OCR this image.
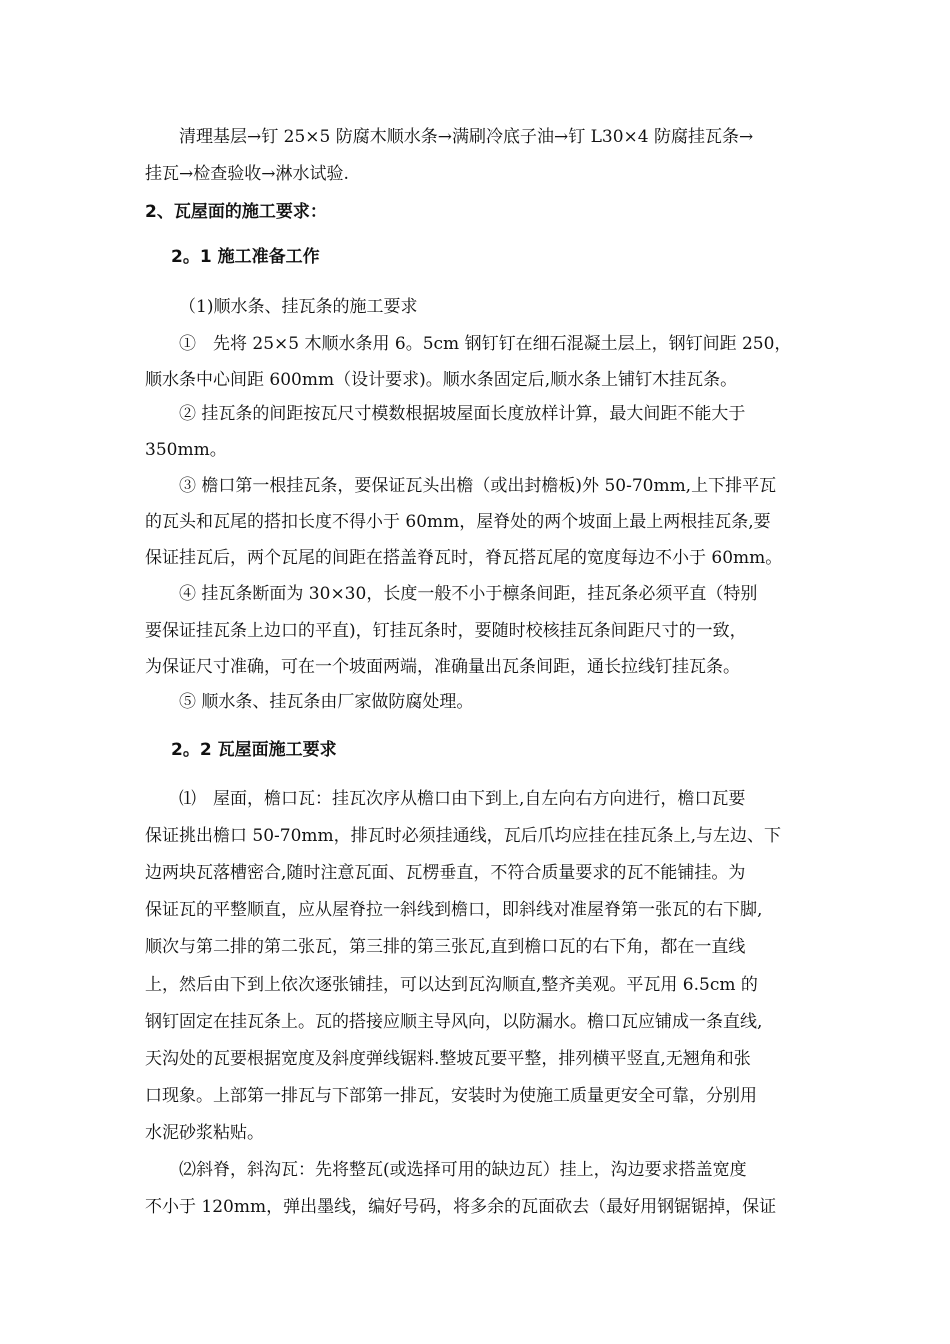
清理基层→钉 25×5 防腐木顺水条→满刷冷底子油→钉 L30×4 防腐挂瓦条→
挂瓦→检查验收→淋水试验.
2、瓦屋面的施工要求：
2。1 施工准备工作
（1)顺水条、挂瓦条的施工要求
①　先将 25×5 木顺水条用 6。5cm 钢钉钉在细石混凝土层上，钢钉间距 250，
顺水条中心间距 600mm（设计要求)。顺水条固定后,顺水条上铺钉木挂瓦条。
② 挂瓦条的间距按瓦尺寸模数根据坡屋面长度放样计算，最大间距不能大于
350mm。
③ 檐口第一根挂瓦条，要保证瓦头出檐（或出封檐板)外 50-70mm,上下排平瓦
的瓦头和瓦尾的搭扣长度不得小于 60mm，屋脊处的两个坡面上最上两根挂瓦条,要
保证挂瓦后，两个瓦尾的间距在搭盖脊瓦时，脊瓦搭瓦尾的宽度每边不小于 60mm。
④ 挂瓦条断面为 30×30，长度一般不小于檩条间距，挂瓦条必须平直（特别
要保证挂瓦条上边口的平直)，钉挂瓦条时，要随时校核挂瓦条间距尺寸的一致，
为保证尺寸准确，可在一个坡面两端，准确量出瓦条间距，通长拉线钉挂瓦条。
⑤ 顺水条、挂瓦条由厂家做防腐处理。
2。2 瓦屋面施工要求
⑴　屋面，檐口瓦：挂瓦次序从檐口由下到上,自左向右方向进行，檐口瓦要
保证挑出檐口 50-70mm，排瓦时必须挂通线，瓦后爪均应挂在挂瓦条上,与左边、下
边两块瓦落槽密合,随时注意瓦面、瓦楞垂直，不符合质量要求的瓦不能铺挂。为
保证瓦的平整顺直，应从屋脊拉一斜线到檐口，即斜线对准屋脊第一张瓦的右下脚,
顺次与第二排的第二张瓦，第三排的第三张瓦,直到檐口瓦的右下角，都在一直线
上，然后由下到上依次逐张铺挂，可以达到瓦沟顺直,整齐美观。平瓦用 6.5cm 的
钢钉固定在挂瓦条上。瓦的搭接应顺主导风向，以防漏水。檐口瓦应铺成一条直线,
天沟处的瓦要根据宽度及斜度弹线锯料.整坡瓦要平整，排列横平竖直,无翘角和张
口现象。上部第一排瓦与下部第一排瓦，安装时为使施工质量更安全可靠，分别用
水泥砂浆粘贴。
⑵斜脊，斜沟瓦：先将整瓦(或选择可用的缺边瓦）挂上，沟边要求搭盖宽度
不小于 120mm，弹出墨线，编好号码，将多余的瓦面砍去（最好用钢锯锯掉，保证
